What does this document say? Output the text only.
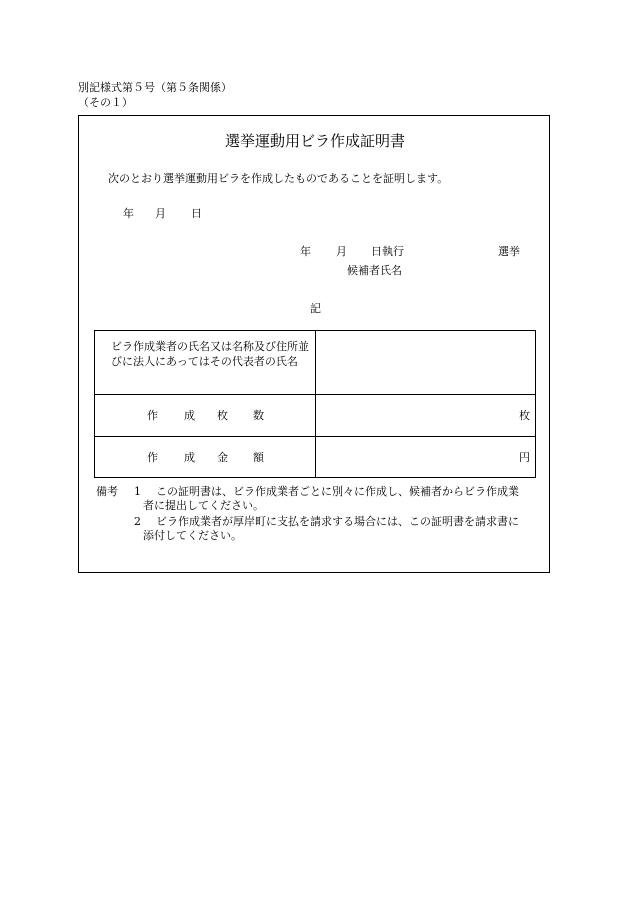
別記様式第５号（第５条関係）
（その１）
選挙運動用ビラ作成証明書
次のとおり選挙運動用ビラを作成したものであることを証明します。
年 月 日
年 月 日執行	選挙
候補者氏名
記
ビラ作成業者の氏名又は名称及び住所並びに法人にあってはその代表者の氏名
作 成 枚 数	枚
作 成 金 額	円
備考 1 この証明書は、ビラ作成業者ごとに別々に作成し、候補者からビラ作成業
者に提出してください。
2 ビラ作成業者が厚岸町に支払を請求する場合には、この証明書を請求書に
添付してください。
